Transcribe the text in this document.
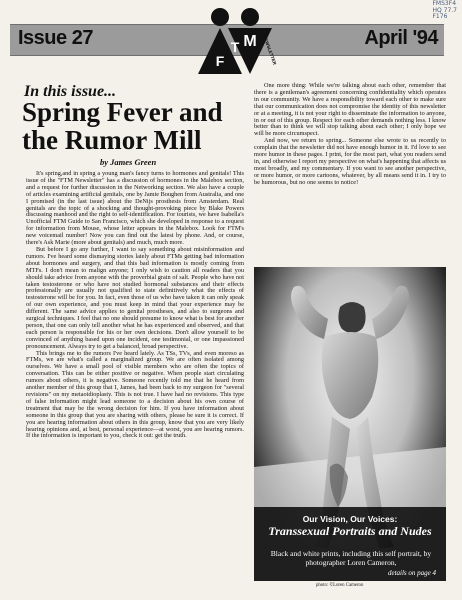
FMS3F4
HQ 77.7
F176
Issue 27	April '94
F
T M NEWSLETTER
In this issue...
Spring Fever and
the Rumor Mill
by James Green

It's spring,and in spring a young man's fancy turns to hormones and genitals! This issue of the "FTM Newsletter" has a discussion of hormones in the Malebox section, and a request for further discussion in the Networking section. We also have a couple of articles examining artificial genitals, one by Jamie Boughen from Australia, and one I promised (in the last issue) about the DeNijs prosthesis from Amsterdam. Real genitals are the topic of a shocking and thought-provoking piece by Blake Powers discussing manhood and the right to self-identification. For tourists, we have Isabella's Unofficial FTM Guide to San Francisco, which she developed in response to a request for information from Mouse, whose letter appears in the Malebox. Look for FTM's new voicemail number! Now you can find out the latest by phone. And, or course, there's Ask Marie (more about genitals) and much, much more.

But before I go any further, I want to say something about misinformation and rumors. I've heard some dismaying stories lately about FTMs getting bad information about hormones and surgery, and that this bad information is mostly coming from MTFs. I don't mean to malign anyone; I only wish to caution all readers that you should take advice from anyone with the proverbial grain of salt. People who have not taken testosterone or who have not studied hormonal substances and their effects professionally are usually not qualified to state definitively what the effects of testosterone will be for you. In fact, even those of us who have taken it can only speak of our own experience, and you must keep in mind that your experience may be different. The same advice applies to genital prostheses, and also to surgeons and surgical techniques. I feel that no one should presume to know what is best for another person, that one can only tell another what he has experienced and observed, and that each person is responsible for his or her own decisions. Don't allow yourself to be convinced of anything based upon one incident, one testimonial, or one impassioned pronouncement. Always try to get a balanced, broad perspective.

This brings me to the rumors I've heard lately. As TSs, TVs, and even moreso as FTMs, we are what's called a marginalized group. We are often isolated among ourselves. We have a small pool of visible members who are often the topics of conversation. This can be either positive or negative. When people start circulating rumors about others, it is negative. Someone recently told me that he heard from another member of this group that I, James, had been back to my surgeon for "several revisions" on my metaoidioplasty. This is not true. I have had no revisions. This type of false information might lead someone to a decision about his own course of treatment that may be the wrong decision for him. If you have information about someone in this group that you are sharing with others, please be sure it is correct. If you are hearing information about others in this group, know that you are very likely hearing opinions and, at best, personal experience—at worst, you are hearing rumors. If the information is important to you, check it out: get the truth.

One more thing: While we're talking about each other, remember that there is a gentleman's agreement concerning confidentiality which operates in our community. We have a responsibility toward each other to make sure that our communication does not compromise the identity of this newsletter or at a meeting, it is not your right to disseminate the information to anyone, in or out of this group. Respect for each other demands nothing less. I know better than to think we will stop talking about each other; I only hope we will be more circumspect.

And now, we return to spring... Someone else wrote to us recently to complain that the newsletter did not have enough humor in it. I'd love to see more humor in these pages. I print, for the most part, what you readers send in, and otherwise I report my perspective on what's happening that affects us most broadly, and my commentary. If you want to see another perspective, or more humor, or more cartoons, whatever, by all means send it in. I try to be humorous, but no one seems to notice!

Our Vision, Our Voices:
Transsexual Portraits and Nudes
Black and white prints, including this self portrait, by photographer Loren Cameron,
details on page 4
photo: ©Loren Cameron
